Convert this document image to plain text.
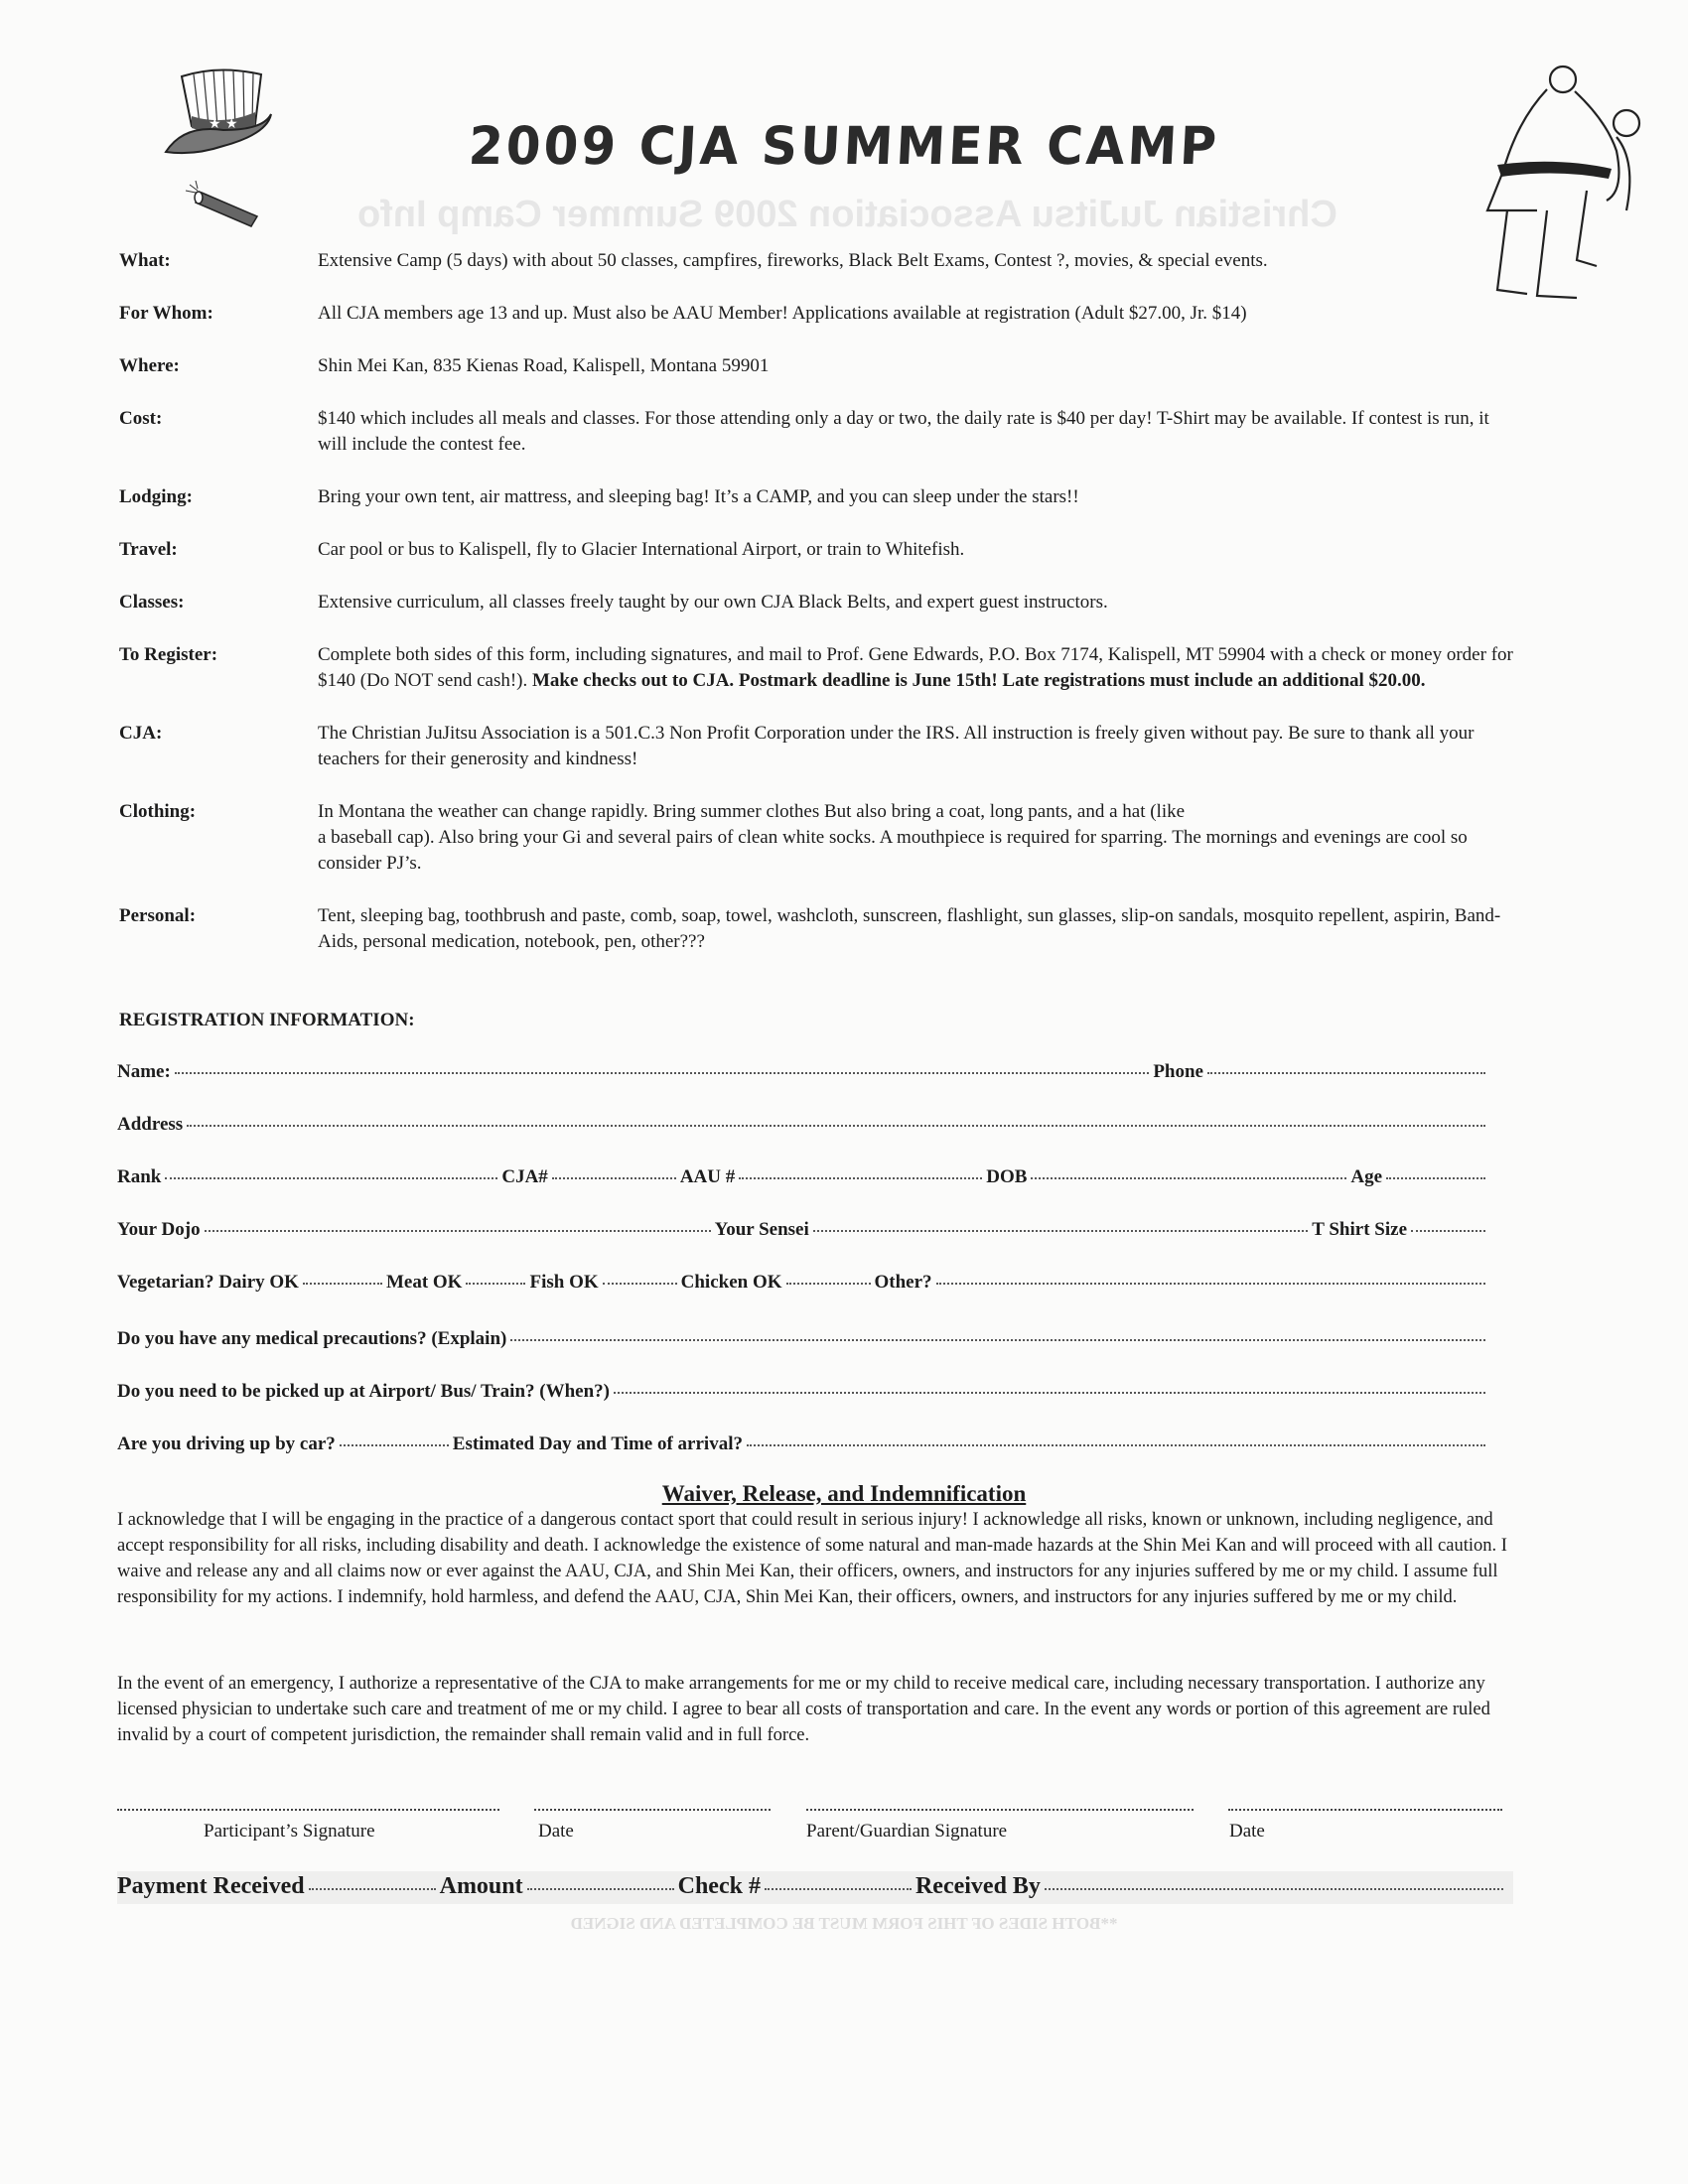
Christian JuJitsu Association 2009 Summer Camp Info
**BOTH SIDES OF THIS FORM MUST BE COMPLETED AND SIGNED
★ ★	2009 CJA SUMMER CAMP
What:	Extensive Camp (5 days) with about 50 classes, campfires, fireworks, Black Belt Exams, Contest ?, movies, & special events.
For Whom:	All CJA members age 13 and up. Must also be AAU Member! Applications available at registration (Adult $27.00, Jr. $14)
Where:	Shin Mei Kan, 835 Kienas Road, Kalispell, Montana 59901
Cost:	$140 which includes all meals and classes. For those attending only a day or two, the daily rate is $40 per day! T-Shirt may be available. If contest is run, it will include the contest fee.
Lodging:	Bring your own tent, air mattress, and sleeping bag! It’s a CAMP, and you can sleep under the stars!!
Travel:	Car pool or bus to Kalispell, fly to Glacier International Airport, or train to Whitefish.
Classes:	Extensive curriculum, all classes freely taught by our own CJA Black Belts, and expert guest instructors.
To Register:	Complete both sides of this form, including signatures, and mail to Prof. Gene Edwards, P.O. Box 7174, Kalispell, MT 59904 with a check or money order for $140 (Do NOT send cash!). Make checks out to CJA. Postmark deadline is June 15th! Late registrations must include an additional $20.00.
CJA:	The Christian JuJitsu Association is a 501.C.3 Non Profit Corporation under the IRS. All instruction is freely given without pay. Be sure to thank all your teachers for their generosity and kindness!
Clothing:	In Montana the weather can change rapidly. Bring summer clothes But also bring a coat, long pants, and a hat (like
a baseball cap). Also bring your Gi and several pairs of clean white socks. A mouthpiece is required for sparring. The mornings and evenings are cool so consider PJ’s.
Personal:	Tent, sleeping bag, toothbrush and paste, comb, soap, towel, washcloth, sunscreen, flashlight, sun glasses, slip-on sandals, mosquito repellent, aspirin, Band-Aids, personal medication, notebook, pen, other???
REGISTRATION INFORMATION:
Name:	Phone
Address
Rank	CJA#	AAU #	DOB	Age
Your Dojo	Your Sensei	T Shirt Size
Vegetarian? Dairy OK	Meat OK	Fish OK	Chicken OK	Other?
Do you have any medical precautions? (Explain)
Do you need to be picked up at Airport/ Bus/ Train? (When?)
Are you driving up by car?	Estimated Day and Time of arrival?
Waiver, Release, and Indemnification
I acknowledge that I will be engaging in the practice of a dangerous contact sport that could result in serious injury! I acknowledge all risks, known or unknown, including negligence, and accept responsibility for all risks, including disability and death. I acknowledge the existence of some natural and man-made hazards at the Shin Mei Kan and will proceed with all caution. I waive and release any and all claims now or ever against the AAU, CJA, and Shin Mei Kan, their officers, owners, and instructors for any injuries suffered by me or my child. I assume full responsibility for my actions. I indemnify, hold harmless, and defend the AAU, CJA, Shin Mei Kan, their officers, owners, and instructors for any injuries suffered by me or my child.
In the event of an emergency, I authorize a representative of the CJA to make arrangements for me or my child to receive medical care, including necessary transportation. I authorize any licensed physician to undertake such care and treatment of me or my child. I agree to bear all costs of transportation and care. In the event any words or portion of this agreement are ruled invalid by a court of competent jurisdiction, the remainder shall remain valid and in full force.
Participant’s Signature	Date	Parent/Guardian Signature	Date
Payment Received	Amount	Check #	Received By
